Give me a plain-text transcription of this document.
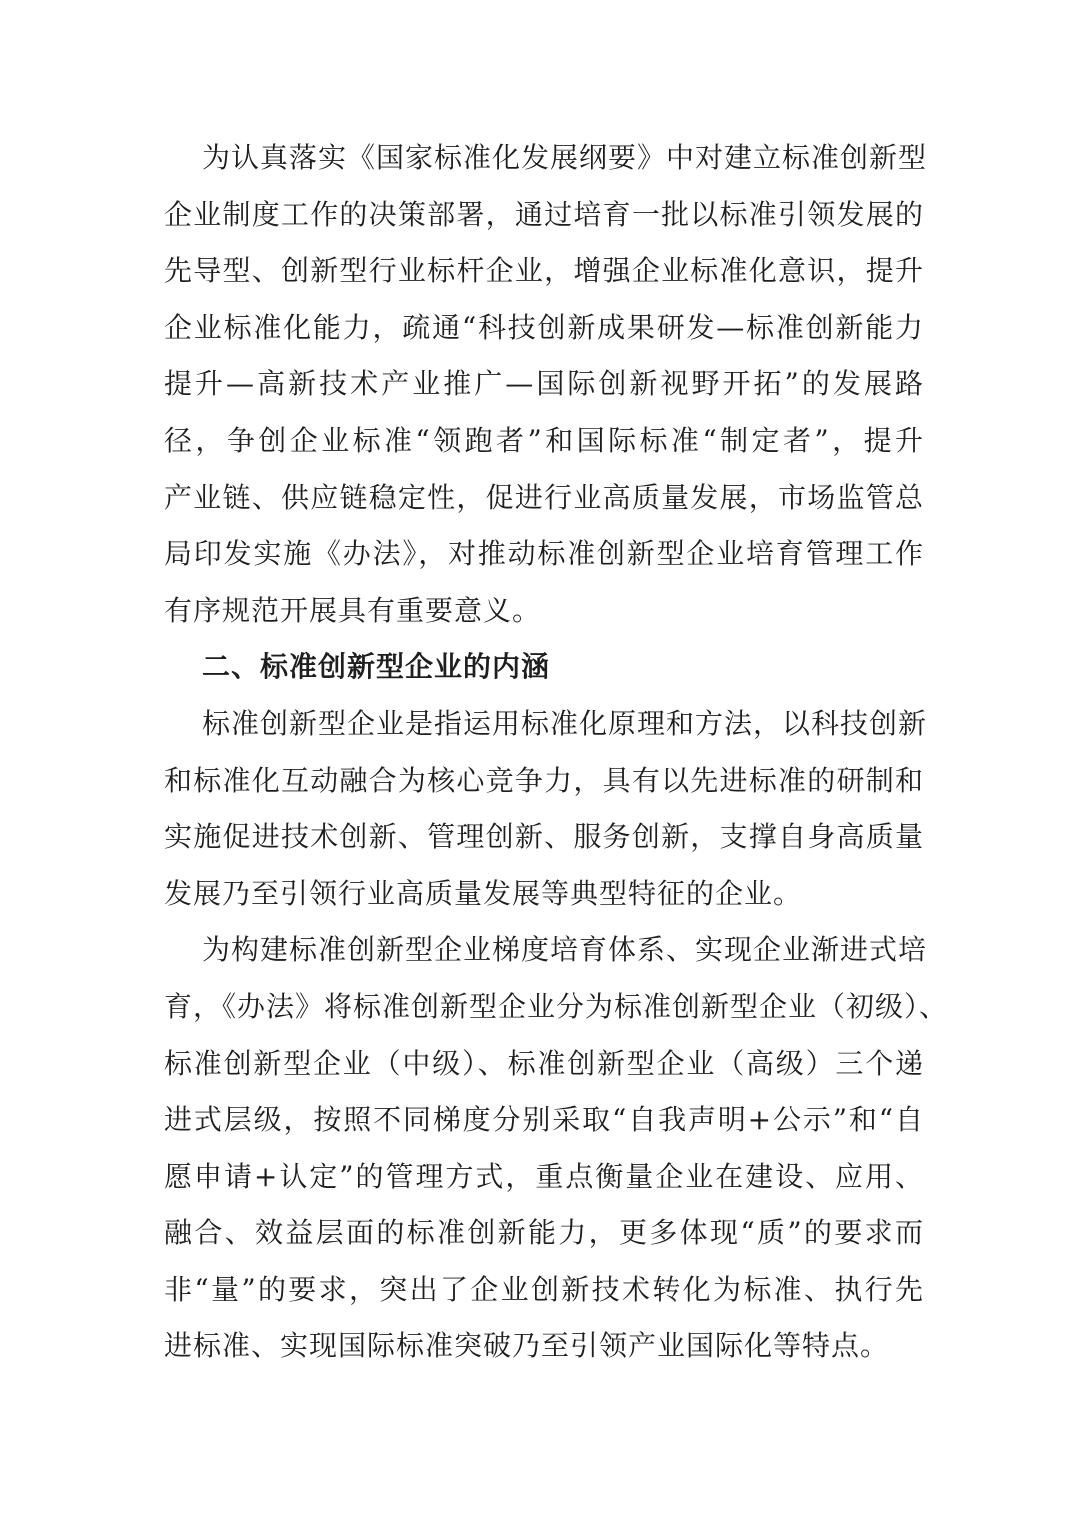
为认真落实《国家标准化发展纲要》中对建立标准创新型
企业制度工作的决策部署，通过培育一批以标准引领发展的
先导型、创新型行业标杆企业，增强企业标准化意识，提升
企业标准化能力，疏通“科技创新成果研发—标准创新能力
提升—高新技术产业推广—国际创新视野开拓”的发展路
径，争创企业标准“领跑者”和国际标准“制定者”，提升
产业链、供应链稳定性，促进行业高质量发展，市场监管总
局印发实施《办法》，对推动标准创新型企业培育管理工作
有序规范开展具有重要意义。
二、标准创新型企业的内涵
标准创新型企业是指运用标准化原理和方法，以科技创新
和标准化互动融合为核心竞争力，具有以先进标准的研制和
实施促进技术创新、管理创新、服务创新，支撑自身高质量
发展乃至引领行业高质量发展等典型特征的企业。
为构建标准创新型企业梯度培育体系、实现企业渐进式培
育，《办法》将标准创新型企业分为标准创新型企业（初级）、
标准创新型企业（中级）、标准创新型企业（高级）三个递
进式层级，按照不同梯度分别采取“自我声明+公示”和“自
愿申请+认定”的管理方式，重点衡量企业在建设、应用、
融合、效益层面的标准创新能力，更多体现“质”的要求而
非“量”的要求，突出了企业创新技术转化为标准、执行先
进标准、实现国际标准突破乃至引领产业国际化等特点。
